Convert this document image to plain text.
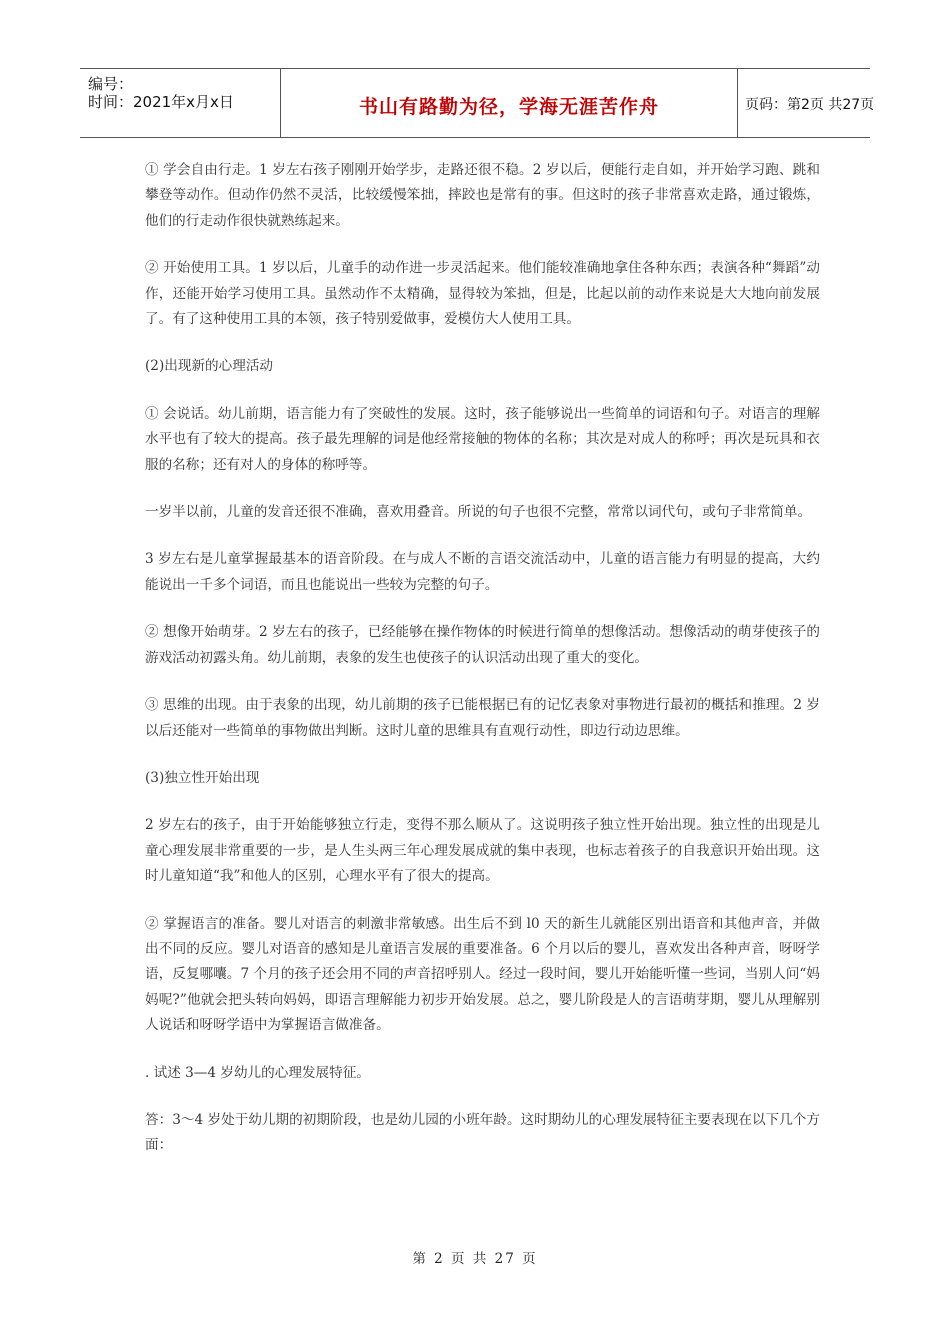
编号：
时间：2021年x月x日	书山有路勤为径，学海无涯苦作舟	页码：第2页 共27页

① 学会自由行走。1 岁左右孩子刚刚开始学步，走路还很不稳。2 岁以后，便能行走自如，并开始学习跑、跳和攀登等动作。但动作仍然不灵活，比较缓慢笨拙，摔跤也是常有的事。但这时的孩子非常喜欢走路，通过锻炼，他们的行走动作很快就熟练起来。

② 开始使用工具。1 岁以后，儿童手的动作进一步灵活起来。他们能较准确地拿住各种东西；表演各种“舞蹈”动作，还能开始学习使用工具。虽然动作不太精确，显得较为笨拙，但是，比起以前的动作来说是大大地向前发展了。有了这种使用工具的本领，孩子特别爱做事，爱模仿大人使用工具。

(2)出现新的心理活动

① 会说话。幼儿前期，语言能力有了突破性的发展。这时，孩子能够说出一些简单的词语和句子。对语言的理解水平也有了较大的提高。孩子最先理解的词是他经常接触的物体的名称；其次是对成人的称呼；再次是玩具和衣服的名称；还有对人的身体的称呼等。

一岁半以前，儿童的发音还很不准确，喜欢用叠音。所说的句子也很不完整，常常以词代句，或句子非常简单。

3 岁左右是儿童掌握最基本的语音阶段。在与成人不断的言语交流活动中，儿童的语言能力有明显的提高，大约能说出一千多个词语，而且也能说出一些较为完整的句子。

② 想像开始萌芽。2 岁左右的孩子，已经能够在操作物体的时候进行简单的想像活动。想像活动的萌芽使孩子的游戏活动初露头角。幼儿前期，表象的发生也使孩子的认识活动出现了重大的变化。

③ 思维的出现。由于表象的出现，幼儿前期的孩子已能根据已有的记忆表象对事物进行最初的概括和推理。2 岁以后还能对一些简单的事物做出判断。这时儿童的思维具有直观行动性，即边行动边思维。

(3)独立性开始出现

2 岁左右的孩子，由于开始能够独立行走，变得不那么顺从了。这说明孩子独立性开始出现。独立性的出现是儿童心理发展非常重要的一步，是人生头两三年心理发展成就的集中表现，也标志着孩子的自我意识开始出现。这时儿童知道“我”和他人的区别，心理水平有了很大的提高。

② 掌握语言的准备。婴儿对语言的刺激非常敏感。出生后不到 l0 天的新生儿就能区别出语音和其他声音，并做出不同的反应。婴儿对语音的感知是儿童语言发展的重要准备。6 个月以后的婴儿，喜欢发出各种声音，呀呀学语，反复哪囔。7 个月的孩子还会用不同的声音招呼别人。经过一段时间，婴儿开始能听懂一些词，当别人问“妈妈呢?”他就会把头转向妈妈，即语言理解能力初步开始发展。总之，婴儿阶段是人的言语萌芽期，婴儿从理解别人说话和呀呀学语中为掌握语言做准备。

. 试述 3—4 岁幼儿的心理发展特征。

答：3～4 岁处于幼儿期的初期阶段，也是幼儿园的小班年龄。这时期幼儿的心理发展特征主要表现在以下几个方面：

第 2 页 共 27 页
